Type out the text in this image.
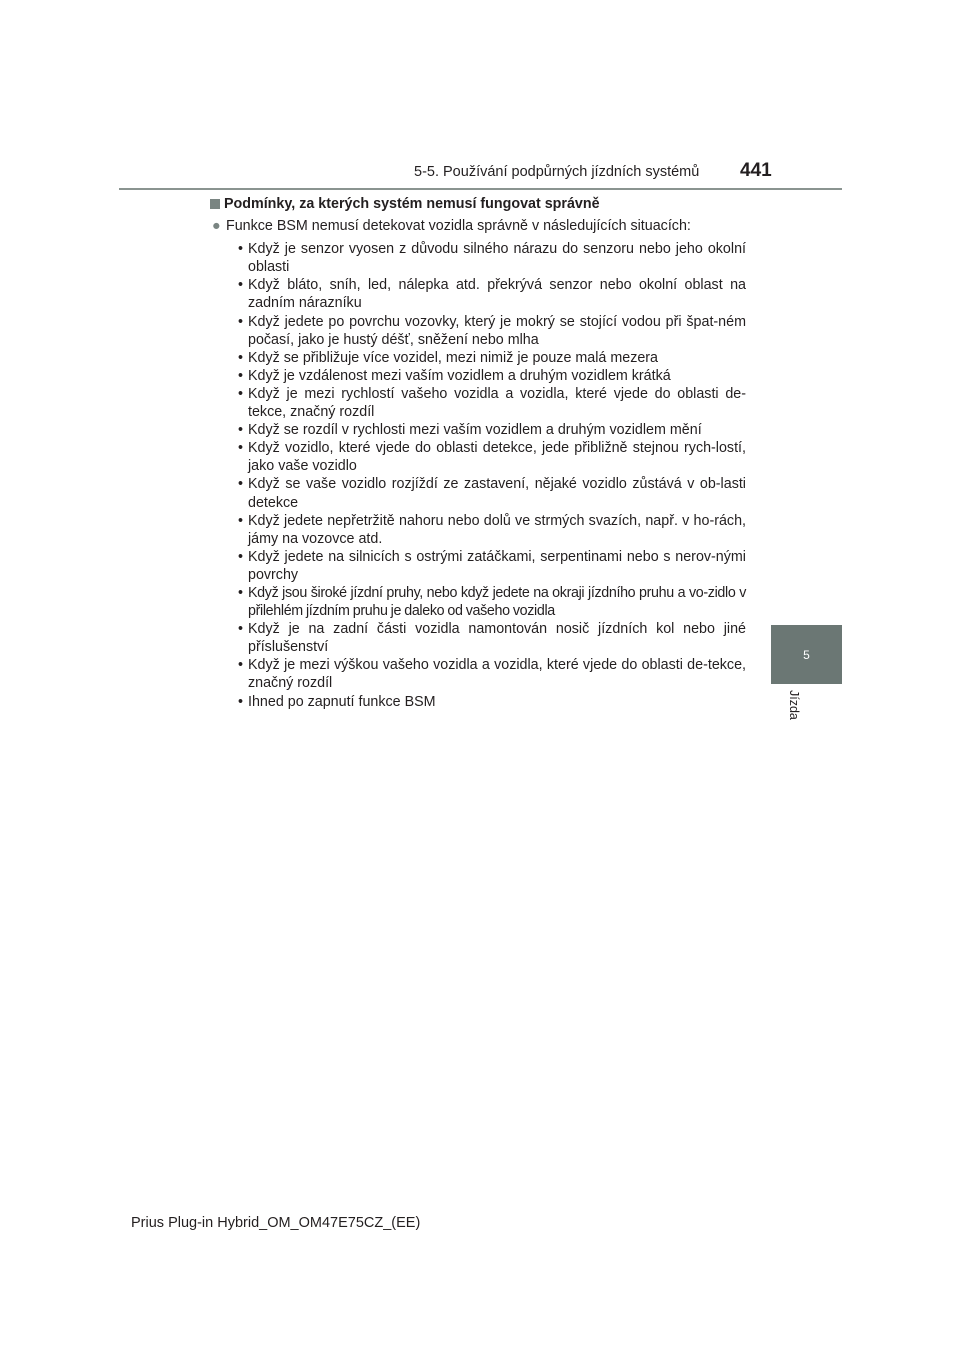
5-5. Používání podpůrných jízdních systémů 441
5
Jízda
Podmínky, za kterých systém nemusí fungovat správně
● Funkce BSM nemusí detekovat vozidla správně v následujících situacích:
• Když je senzor vyosen z důvodu silného nárazu do senzoru nebo jeho okolní oblasti
• Když bláto, sníh, led, nálepka atd. překrývá senzor nebo okolní oblast na zadním nárazníku
• Když jedete po povrchu vozovky, který je mokrý se stojící vodou při špat-ném počasí, jako je hustý déšť, sněžení nebo mlha
• Když se přibližuje více vozidel, mezi nimiž je pouze malá mezera
• Když je vzdálenost mezi vaším vozidlem a druhým vozidlem krátká
• Když je mezi rychlostí vašeho vozidla a vozidla, které vjede do oblasti de-tekce, značný rozdíl
• Když se rozdíl v rychlosti mezi vaším vozidlem a druhým vozidlem mění
• Když vozidlo, které vjede do oblasti detekce, jede přibližně stejnou rych-lostí, jako vaše vozidlo
• Když se vaše vozidlo rozjíždí ze zastavení, nějaké vozidlo zůstává v ob-lasti detekce
• Když jedete nepřetržitě nahoru nebo dolů ve strmých svazích, např. v ho-rách, jámy na vozovce atd.
• Když jedete na silnicích s ostrými zatáčkami, serpentinami nebo s nerov-nými povrchy
• Když jsou široké jízdní pruhy, nebo když jedete na okraji jízdního pruhu a vo-zidlo v přilehlém jízdním pruhu je daleko od vašeho vozidla
• Když je na zadní části vozidla namontován nosič jízdních kol nebo jiné příslušenství
• Když je mezi výškou vašeho vozidla a vozidla, které vjede do oblasti de-tekce, značný rozdíl
• Ihned po zapnutí funkce BSM
Prius Plug-in Hybrid_OM_OM47E75CZ_(EE)
